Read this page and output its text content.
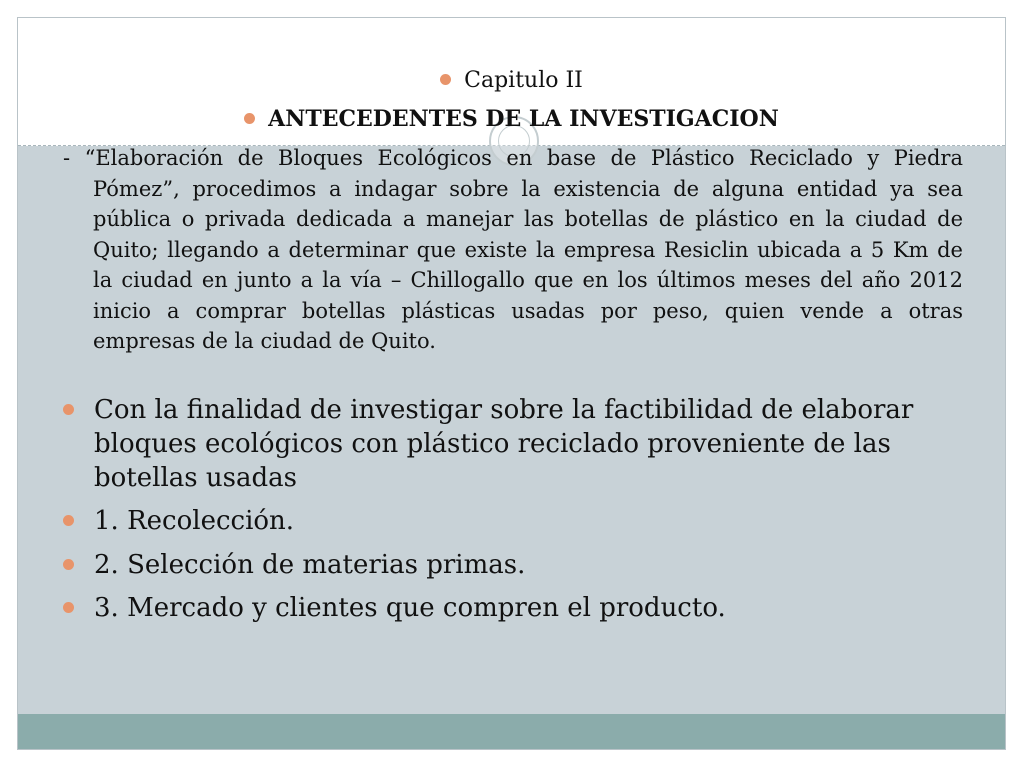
Capitulo II
ANTECEDENTES DE LA INVESTIGACION
- “Elaboración de Bloques Ecológicos en base de Plástico Reciclado y Piedra Pómez”, procedimos a indagar sobre la existencia de alguna entidad ya sea pública o privada dedicada a manejar las botellas de plástico en la ciudad de Quito; llegando a determinar que existe la empresa Resiclin ubicada a 5 Km de la ciudad en junto a la vía – Chillogallo que en los últimos meses del año 2012 inicio a comprar botellas plásticas usadas por peso, quien vende a otras empresas de la ciudad de Quito.
Con la finalidad de investigar sobre la factibilidad de elaborar bloques ecológicos con plástico reciclado proveniente de las botellas usadas
1. Recolección.
2. Selección de materias primas.
3. Mercado y clientes que compren el producto.
